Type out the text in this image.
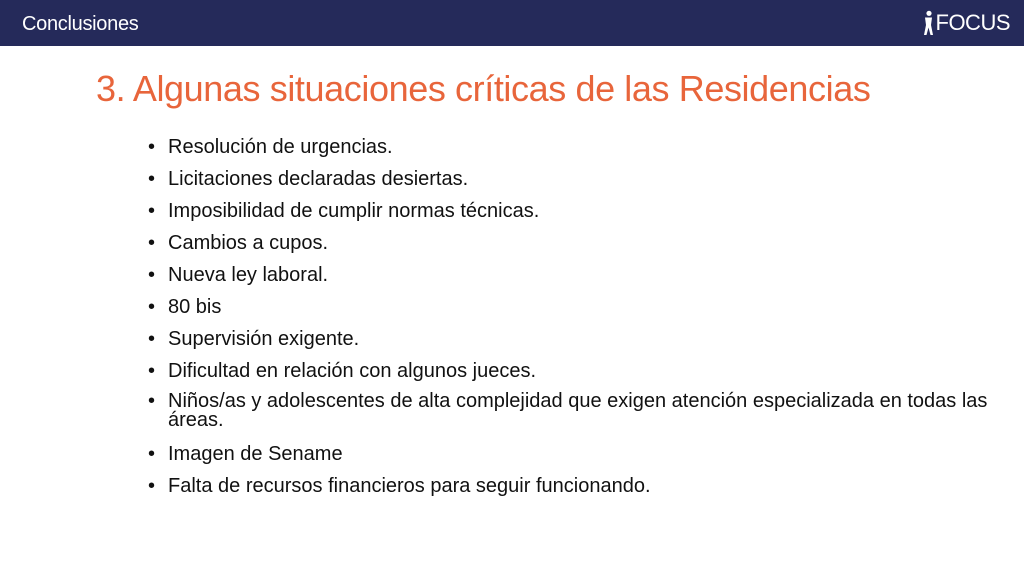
Conclusiones	FOCUS
3. Algunas situaciones críticas de las Residencias
• Resolución de urgencias.
• Licitaciones declaradas desiertas.
• Imposibilidad de cumplir normas técnicas.
• Cambios a cupos.
• Nueva ley laboral.
• 80 bis
• Supervisión exigente.
• Dificultad en relación con algunos jueces.
• Niños/as y adolescentes de alta complejidad que exigen atención especializada en todas las áreas.
• Imagen de Sename
• Falta de recursos financieros para seguir funcionando.
